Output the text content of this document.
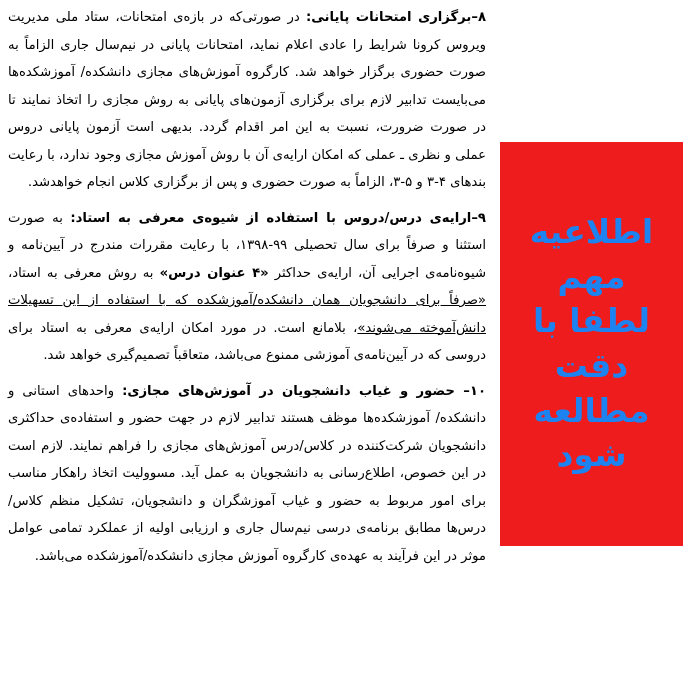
۸–برگزاری امتحانات پایانی: در صورتی‌که در بازه‌ی امتحانات، ستاد ملی مدیریت ویروس کرونا شرایط را عادی اعلام نماید، امتحانات پایانی در نیم‌سال جاری الزاماً به صورت حضوری برگزار خواهد شد. کارگروه آموزش‌های مجازی دانشکده/ آموزشکده‌ها می‌بایست تدابیر لازم برای برگزاری آزمون‌های پایانی به روش مجازی را اتخاذ نمایند تا در صورت ضرورت، نسبت به این امر اقدام گردد. بدیهی است آزمون پایانی دروس عملی و نظری ـ عملی که امکان ارایه‌ی آن با روش آموزش مجازی وجود ندارد، با رعایت بندهای ۴-۳ و ۵-۳، الزاماً به صورت حضوری و پس از برگزاری کلاس انجام خواهدشد.

۹–ارایه‌ی درس/دروس با استفاده از شیوه‌ی معرفی به استاد: به صورت استثنا و صرفاً برای سال تحصیلی ۹۹-۱۳۹۸، با رعایت مقررات مندرج در آیین‌نامه و شیوه‌نامه‌ی اجرایی آن، ارایه‌ی حداکثر «۴ عنوان درس» به روش معرفی به استاد، «صرفاً برای دانشجویان همان دانشکده/آموزشکده که با استفاده از این تسهیلات دانش‌آموخته می‌شوند»، بلامانع است. در مورد امکان ارایه‌ی معرفی به استاد برای دروسی که در آیین‌نامه‌ی آموزشی ممنوع می‌باشد، متعاقباً تصمیم‌گیری خواهد شد.

۱۰– حضور و غیاب دانشجویان در آموزش‌های مجازی: واحدهای استانی و دانشکده/ آموزشکده‌ها موظف هستند تدابیر لازم در جهت حضور و استفاده‌ی حداکثری دانشجویان شرکت‌کننده در کلاس/درس آموزش‌های مجازی را فراهم نمایند. لازم است در این خصوص، اطلاع‌رسانی به دانشجویان به عمل آید. مسوولیت اتخاذ راهکار مناسب برای امور مربوط به حضور و غیاب آموزشگران و دانشجویان، تشکیل منظم کلاس/درس‌ها مطابق برنامه‌ی درسی نیم‌سال جاری و ارزیابی اولیه از عملکرد تمامی عوامل موثر در این فرآیند به عهده‌ی کارگروه آموزش مجازی دانشکده/آموزشکده می‌باشد.

اطلاعیه مهم
لطفا با
دقت
مطالعه
شود
